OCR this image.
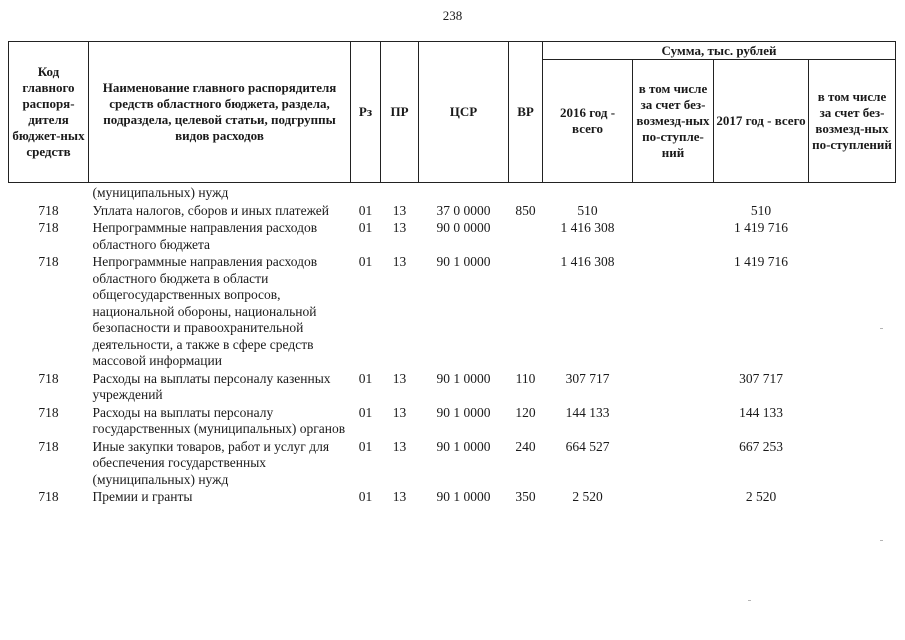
238
Код главного распоря-дителя бюджет-ных средств	Наименование главного распорядителя средств областного бюджета, раздела, подраздела, целевой статьи, подгруппы видов расходов	Рз	ПР	ЦСР	ВР	Сумма, тыс. рублей			
						2016 год - всего	в том числе за счет без-возмезд-ных по-ступле-ний	2017 год - всего	в том числе за счет без-возмезд-ных по-ступлений
	(муниципальных) нужд								
718	Уплата налогов, сборов и иных платежей	01	13	37 0 0000	850	510		510	
718	Непрограммные направления расходов областного бюджета	01	13	90 0 0000		1 416 308		1 419 716	
718	Непрограммные направления расходов областного бюджета в области общегосударственных вопросов, национальной обороны, национальной безопасности и правоохранительной деятельности, а также в сфере средств массовой информации	01	13	90 1 0000		1 416 308		1 419 716	
718	Расходы на выплаты персоналу казенных учреждений	01	13	90 1 0000	110	307 717		307 717	
718	Расходы на выплаты персоналу государственных (муниципальных) органов	01	13	90 1 0000	120	144 133		144 133	
718	Иные закупки товаров, работ и услуг для обеспечения государственных (муниципальных) нужд	01	13	90 1 0000	240	664 527		667 253	
718	Премии и гранты	01	13	90 1 0000	350	2 520		2 520	
